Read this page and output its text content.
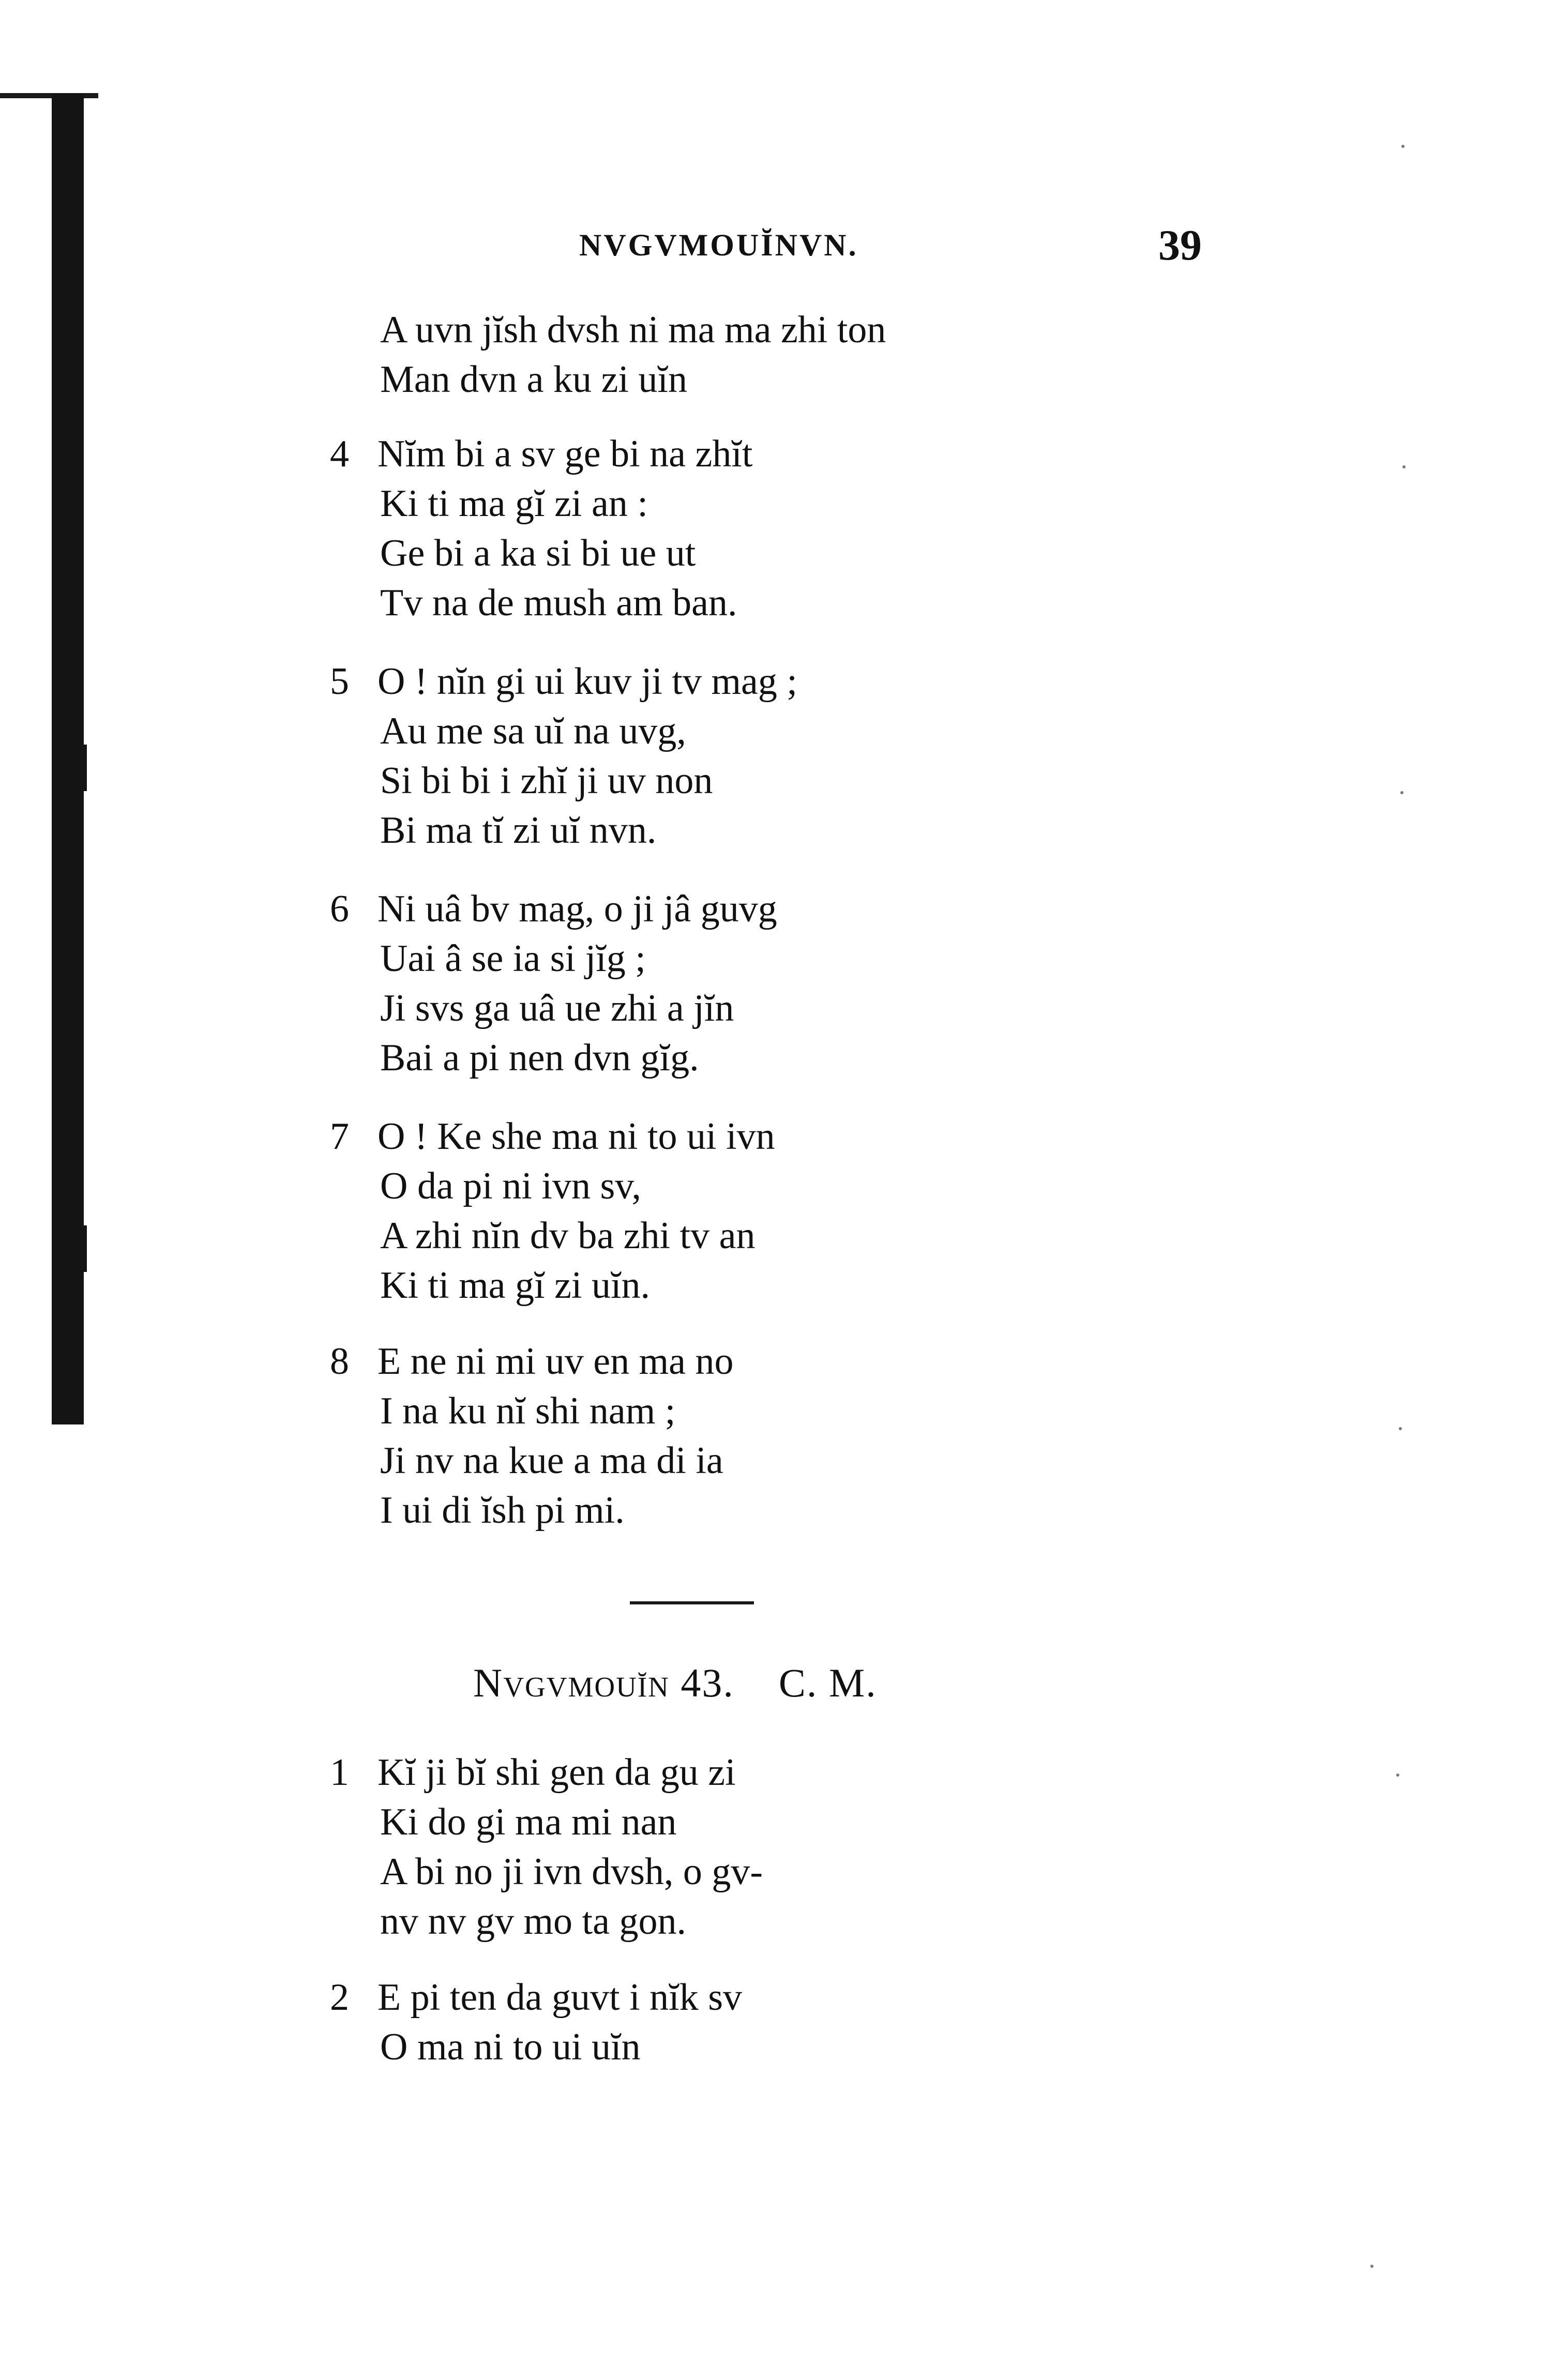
NVGVMOUĬNVN.	39
A uvn jĭsh dvsh ni ma ma zhi ton
Man dvn a ku zi uĭn
4 Nĭm bi a sv ge bi na zhĭt
Ki ti ma gĭ zi an :
Ge bi a ka si bi ue ut
Tv na de mush am ban.
5 O ! nĭn gi ui kuv ji tv mag ;
Au me sa uĭ na uvg,
Si bi bi i zhĭ ji uv non
Bi ma tĭ zi uĭ nvn.
6 Ni uâ bv mag, o ji jâ guvg
Uai â se ia si jĭg ;
Ji svs ga uâ ue zhi a jĭn
Bai a pi nen dvn gĭg.
7 O ! Ke she ma ni to ui ivn
O da pi ni ivn sv,
A zhi nĭn dv ba zhi tv an
Ki ti ma gĭ zi uĭn.
8 E ne ni mi uv en ma no
I na ku nĭ shi nam ;
Ji nv na kue a ma di ia
I ui di ĭsh pi mi.
Nvgvmouĭn 43. C. M.
1 Kĭ ji bĭ shi gen da gu zi
Ki do gi ma mi nan
A bi no ji ivn dvsh, o gv-
nv nv gv mo ta gon.
2 E pi ten da guvt i nĭk sv
O ma ni to ui uĭn
